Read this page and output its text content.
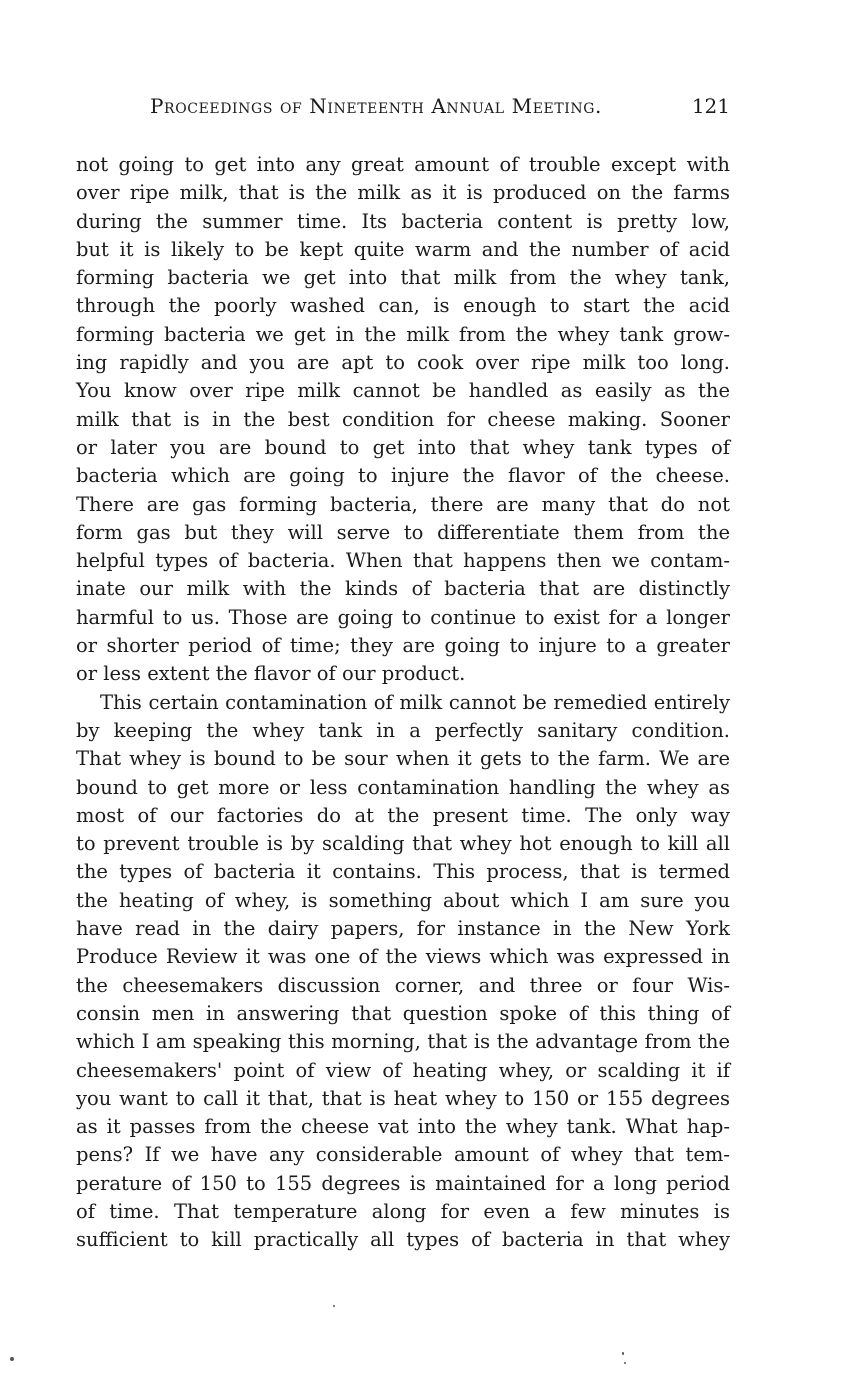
Proceedings of Nineteenth Annual Meeting.	121
not going to get into any great amount of trouble except with
over ripe milk, that is the milk as it is produced on the farms
during the summer time. Its bacteria content is pretty low,
but it is likely to be kept quite warm and the number of acid
forming bacteria we get into that milk from the whey tank,
through the poorly washed can, is enough to start the acid
forming bacteria we get in the milk from the whey tank grow-
ing rapidly and you are apt to cook over ripe milk too long.
You know over ripe milk cannot be handled as easily as the
milk that is in the best condition for cheese making. Sooner
or later you are bound to get into that whey tank types of
bacteria which are going to injure the flavor of the cheese.
There are gas forming bacteria, there are many that do not
form gas but they will serve to differentiate them from the
helpful types of bacteria. When that happens then we contam-
inate our milk with the kinds of bacteria that are distinctly
harmful to us. Those are going to continue to exist for a longer
or shorter period of time; they are going to injure to a greater
or less extent the flavor of our product.
This certain contamination of milk cannot be remedied entirely
by keeping the whey tank in a perfectly sanitary condition.
That whey is bound to be sour when it gets to the farm. We are
bound to get more or less contamination handling the whey as
most of our factories do at the present time. The only way
to prevent trouble is by scalding that whey hot enough to kill all
the types of bacteria it contains. This process, that is termed
the heating of whey, is something about which I am sure you
have read in the dairy papers, for instance in the New York
Produce Review it was one of the views which was expressed in
the cheesemakers discussion corner, and three or four Wis-
consin men in answering that question spoke of this thing of
which I am speaking this morning, that is the advantage from the
cheesemakers' point of view of heating whey, or scalding it if
you want to call it that, that is heat whey to 150 or 155 degrees
as it passes from the cheese vat into the whey tank. What hap-
pens? If we have any considerable amount of whey that tem-
perature of 150 to 155 degrees is maintained for a long period
of time. That temperature along for even a few minutes is
sufficient to kill practically all types of bacteria in that whey
